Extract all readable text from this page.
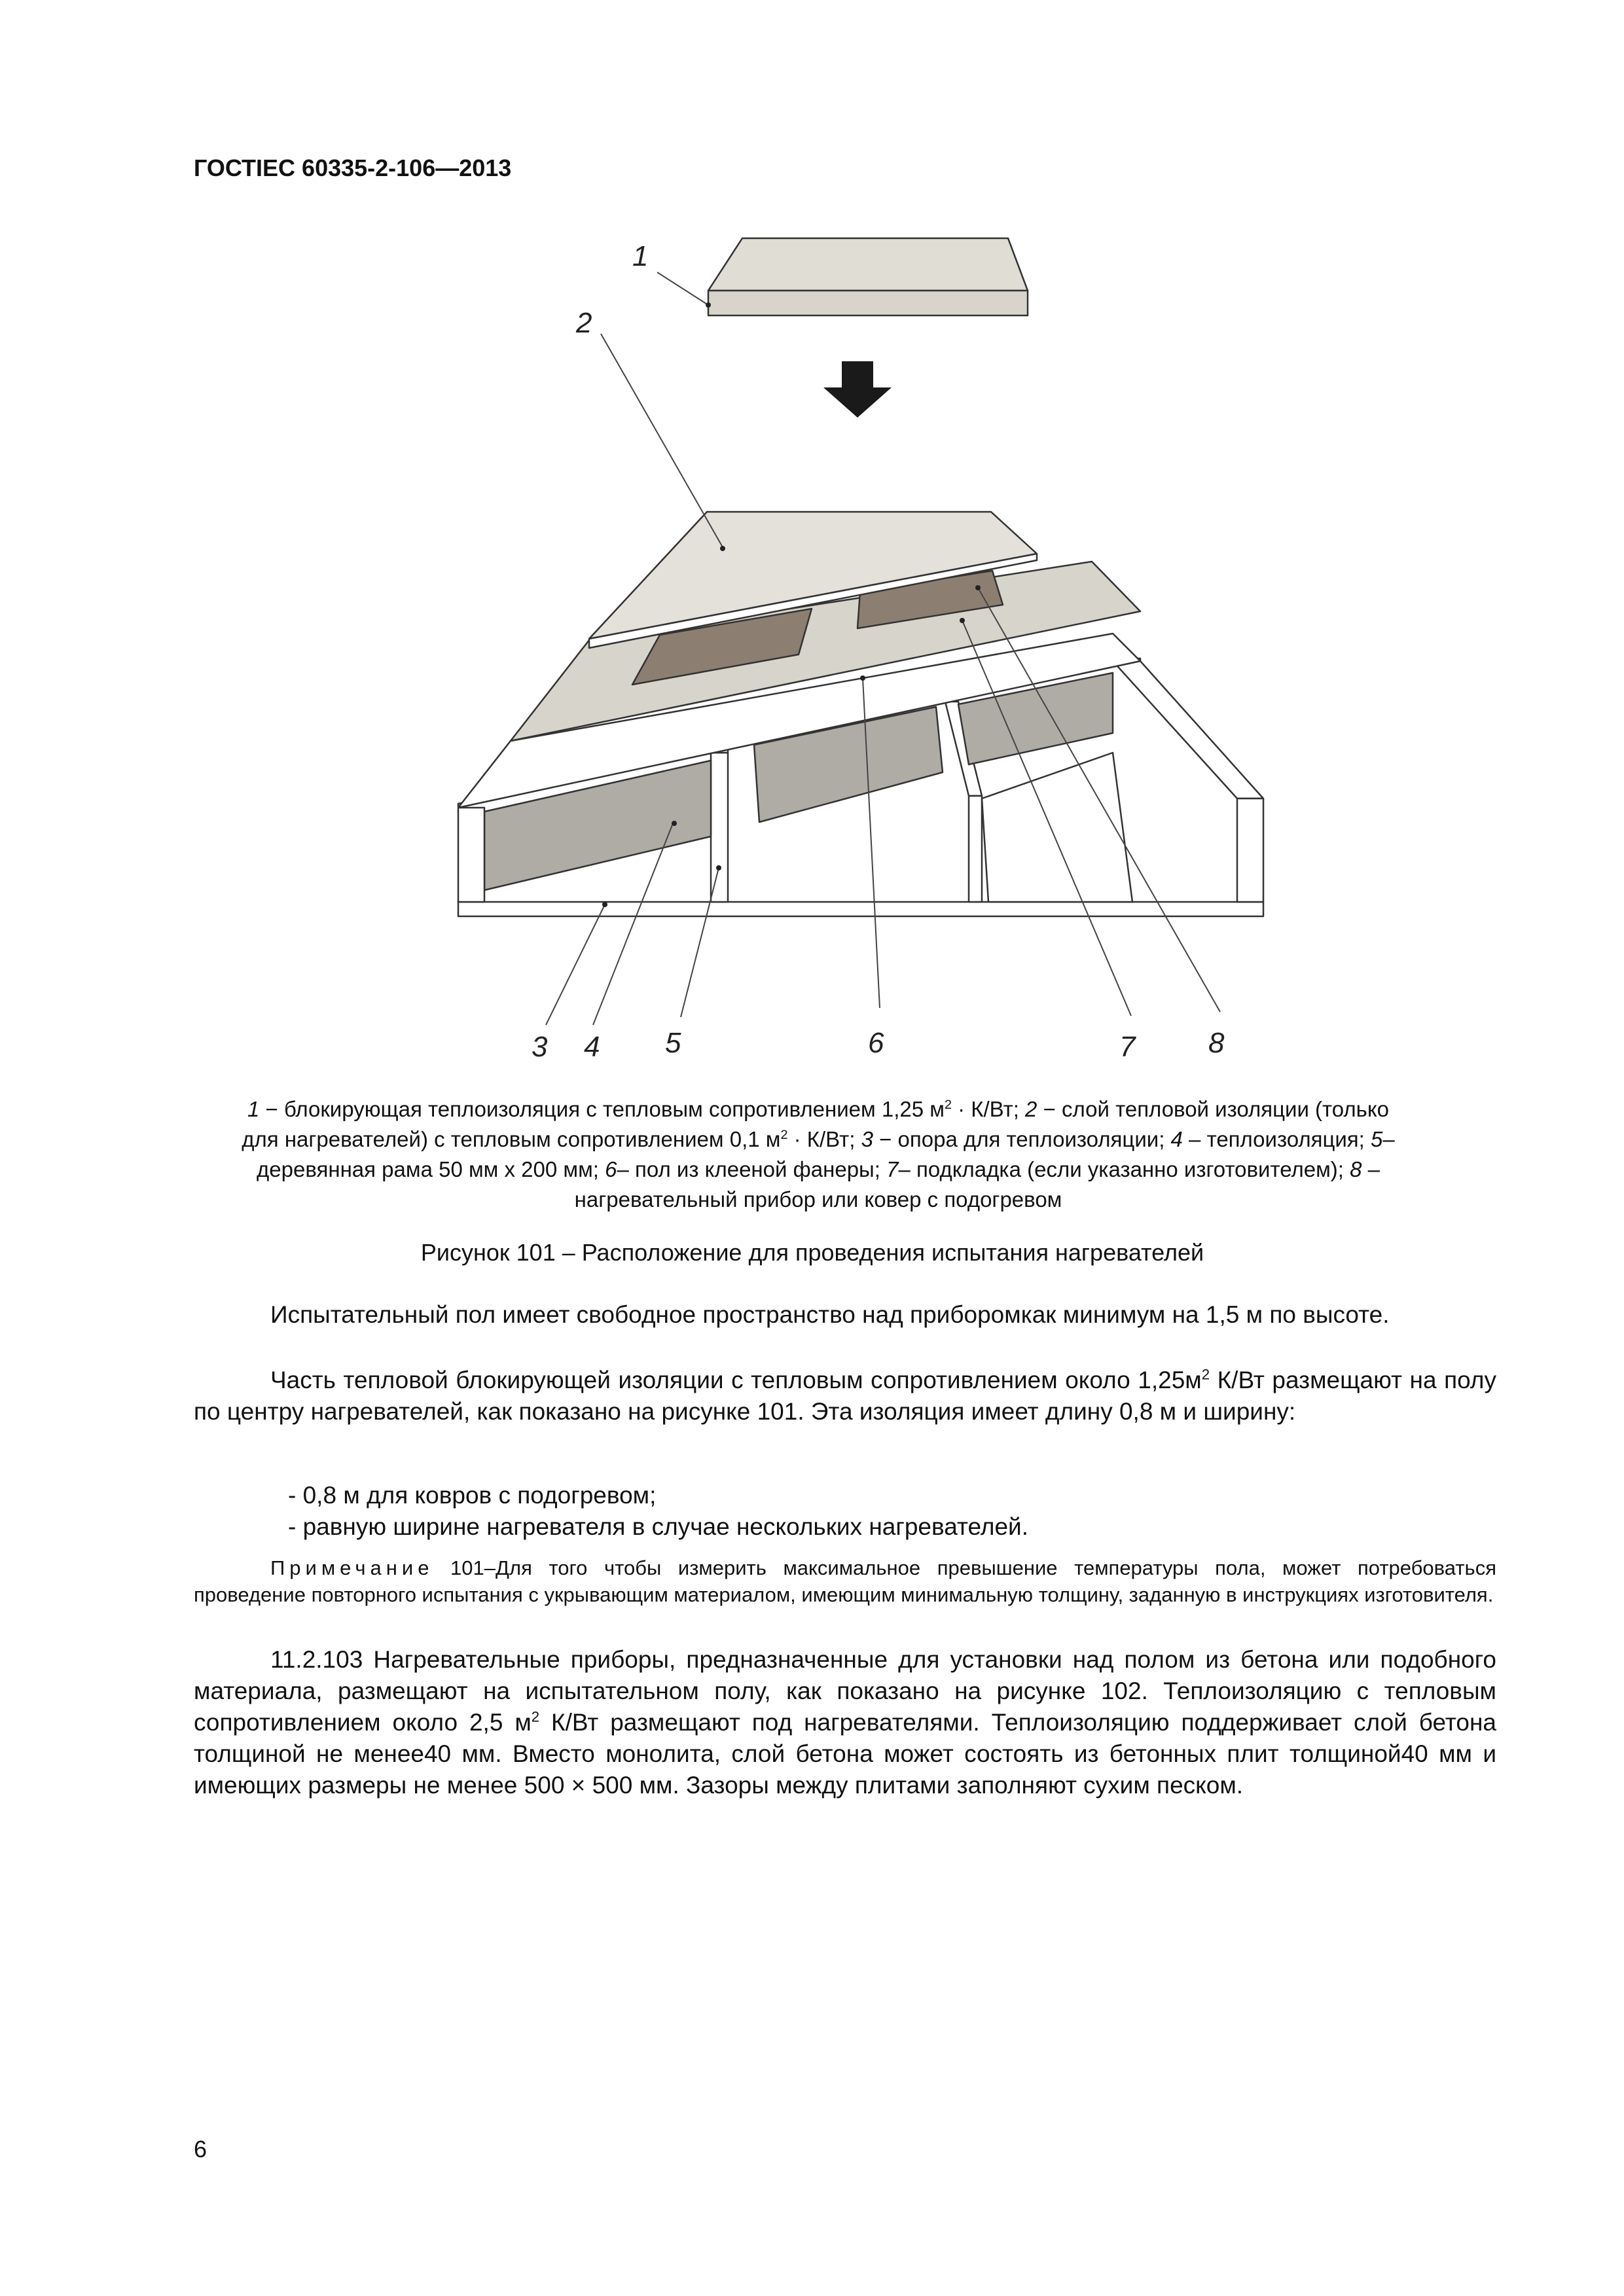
ГОСТIEC 60335-2-106—2013
1
2
3 4 5	6	7	8
1 − блокирующая теплоизоляция с тепловым сопротивлением 1,25 $м^2 \cdot К/Вт$; 2 − слой тепловой изоляции (только для нагревателей) с тепловым сопротивлением 0,1 $м^2 \cdot К/Вт$; 3 − опора для теплоизоляции; 4 – теплоизоляция; 5– деревянная рама 50 мм х 200 мм; 6– пол из клееной фанеры; 7– подкладка (если указанно изготовителем); 8 – нагревательный прибор или ковер с подогревом
Рисунок 101 – Расположение для проведения испытания нагревателей
Испытательный пол имеет свободное пространство над приборомкак минимум на 1,5 м по высоте.
Часть тепловой блокирующей изоляции с тепловым сопротивлением около $1,25м^2$ К/Вт размещают на полу по центру нагревателей, как показано на рисунке 101. Эта изоляция имеет длину 0,8 м и ширину:
- 0,8 м для ковров с подогревом;
- равную ширине нагревателя в случае нескольких нагревателей.
Примечание 101–Для того чтобы измерить максимальное превышение температуры пола, может потребоваться проведение повторного испытания с укрывающим материалом, имеющим минимальную толщину, заданную в инструкциях изготовителя.
11.2.103 Нагревательные приборы, предназначенные для установки над полом из бетона или подобного материала, размещают на испытательном полу, как показано на рисунке 102. Теплоизоляцию с тепловым сопротивлением около 2,5 $м^2$ К/Вт размещают под нагревателями. Теплоизоляцию поддерживает слой бетона толщиной не менее40 мм. Вместо монолита, слой бетона может состоять из бетонных плит толщиной40 мм и имеющих размеры не менее 500 × 500 мм. Зазоры между плитами заполняют сухим песком.
6
